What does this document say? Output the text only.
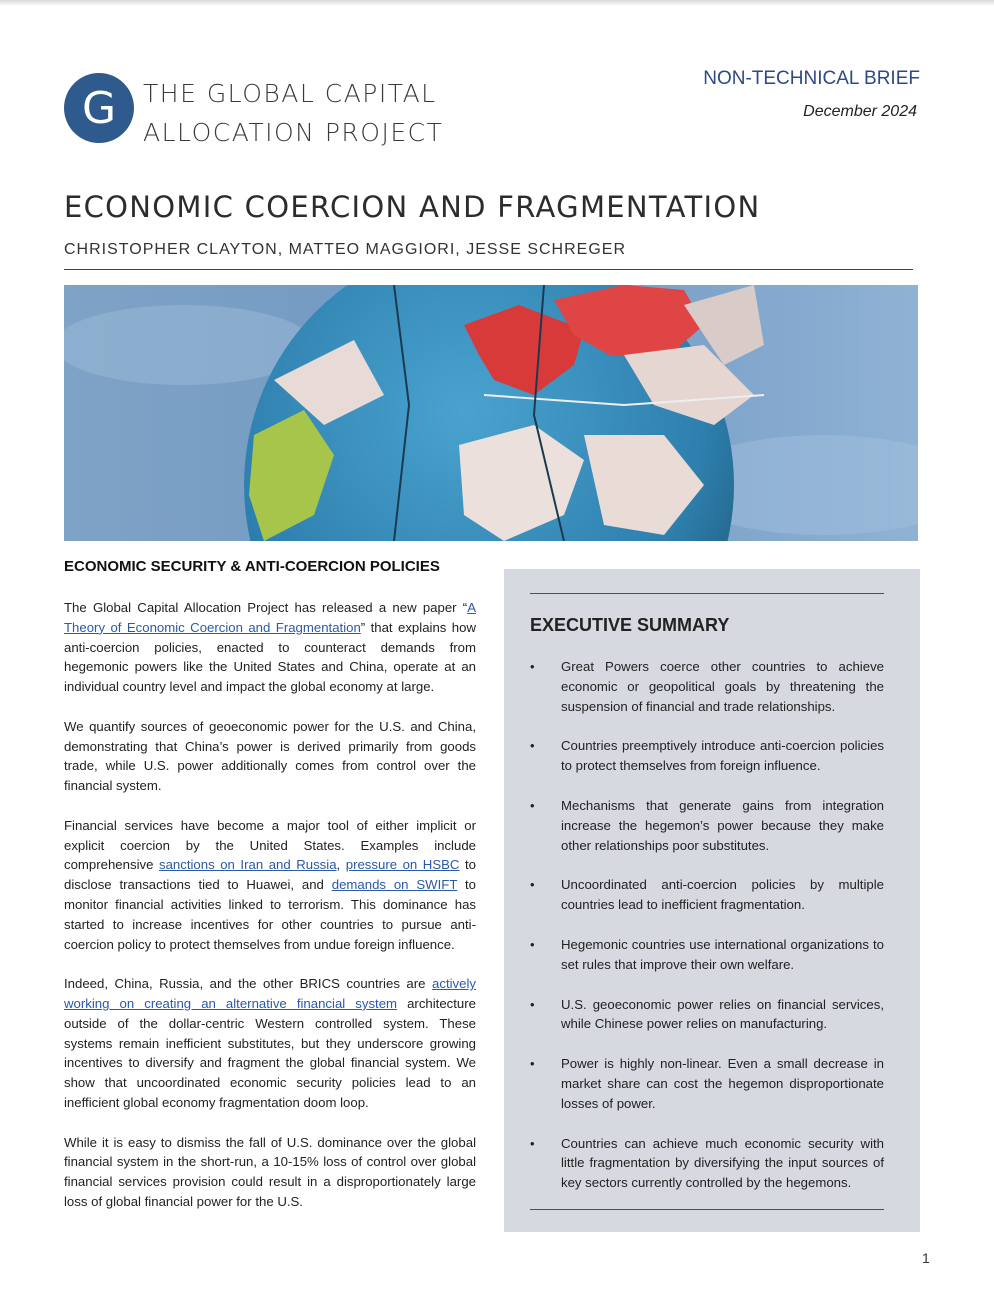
G THE GLOBAL CAPITAL
ALLOCATION PROJECT
NON-TECHNICAL BRIEF
December 2024
ECONOMIC COERCION AND FRAGMENTATION
CHRISTOPHER CLAYTON, MATTEO MAGGIORI, JESSE SCHREGER
ECONOMIC SECURITY & ANTI-COERCION POLICIES

The Global Capital Allocation Project has released a new paper “A Theory of Economic Coercion and Fragmentation” that explains how anti-coercion policies, enacted to counteract demands from hegemonic powers like the United States and China, operate at an individual country level and impact the global economy at large.

We quantify sources of geoeconomic power for the U.S. and China, demonstrating that China’s power is derived primarily from goods trade, while U.S. power additionally comes from control over the financial system.

Financial services have become a major tool of either implicit or explicit coercion by the United States. Examples include comprehensive sanctions on Iran and Russia, pressure on HSBC to disclose transactions tied to Huawei, and demands on SWIFT to monitor financial activities linked to terrorism. This dominance has started to increase incentives for other countries to pursue anti-coercion policy to protect themselves from undue foreign influence.

Indeed, China, Russia, and the other BRICS countries are actively working on creating an alternative financial system architecture outside of the dollar-centric Western controlled system. These systems remain inefficient substitutes, but they underscore growing incentives to diversify and fragment the global financial system. We show that uncoordinated economic security policies lead to an inefficient global economy fragmentation doom loop.

While it is easy to dismiss the fall of U.S. dominance over the global financial system in the short-run, a 10-15% loss of control over global financial services provision could result in a disproportionately large loss of global financial power for the U.S.

EXECUTIVE SUMMARY
• Great Powers coerce other countries to achieve economic or geopolitical goals by threatening the suspension of financial and trade relationships.
• Countries preemptively introduce anti-coercion policies to protect themselves from foreign influence.
• Mechanisms that generate gains from integration increase the hegemon’s power because they make other relationships poor substitutes.
• Uncoordinated anti-coercion policies by multiple countries lead to inefficient fragmentation.
• Hegemonic countries use international organizations to set rules that improve their own welfare.
• U.S. geoeconomic power relies on financial services, while Chinese power relies on manufacturing.
• Power is highly non-linear. Even a small decrease in market share can cost the hegemon disproportionate losses of power.
• Countries can achieve much economic security with little fragmentation by diversifying the input sources of key sectors currently controlled by the hegemons.
1
